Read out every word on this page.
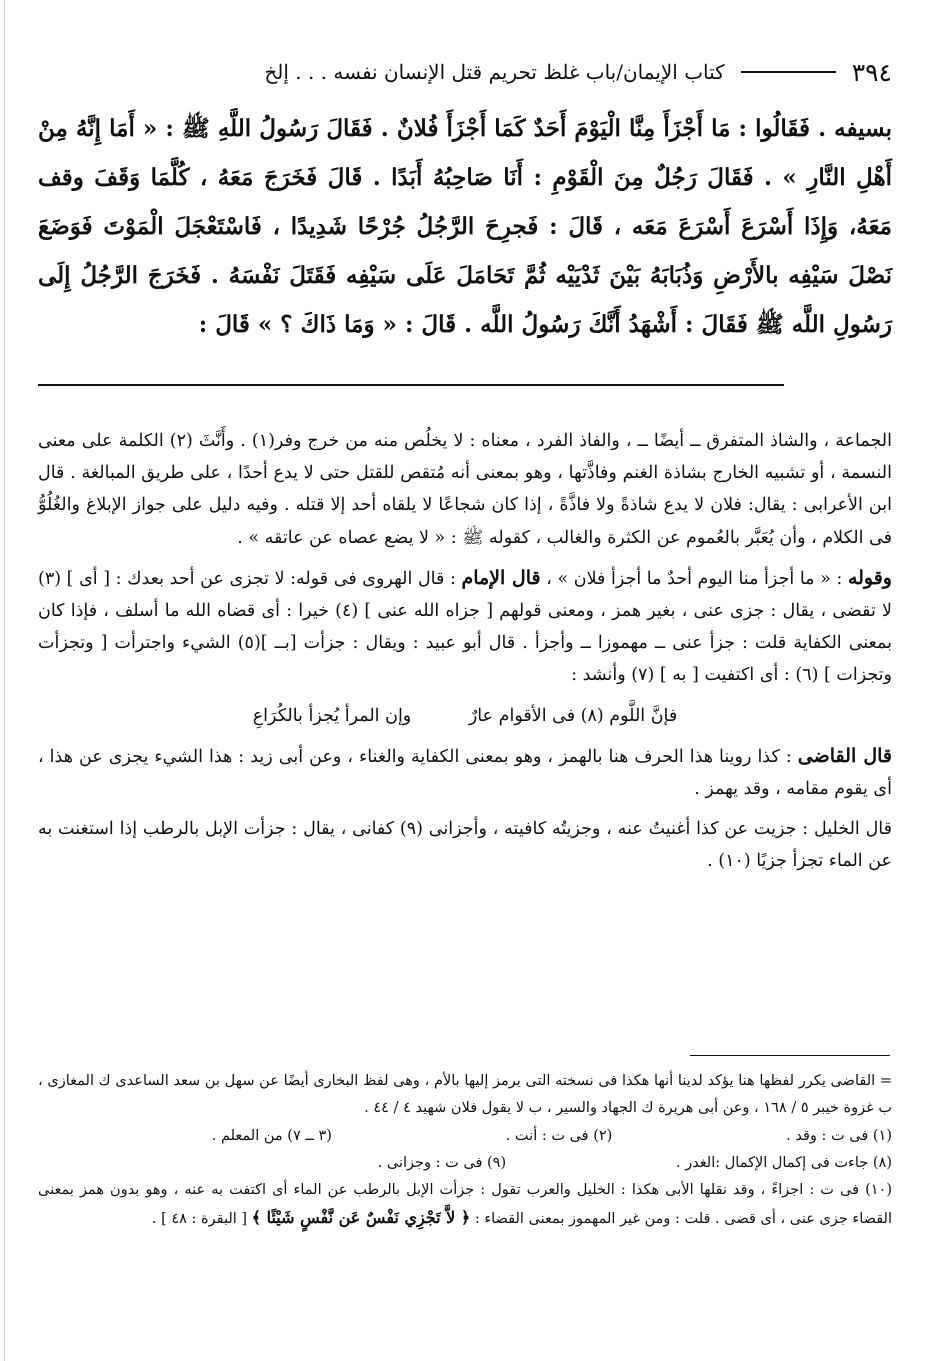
٣٩٤
كتاب الإيمان/باب غلظ تحريم قتل الإنسان نفسه . . . إلخ

بسيفه . فَقَالُوا : مَا أَجْزَأَ مِنَّا الْيَوْمَ أَحَدٌ كَمَا أَجْزَأَ فُلانٌ . فَقَالَ رَسُولُ اللَّهِ ﷺ : « أَمَا إِنَّهُ مِنْ أَهْلِ النَّارِ » . فَقَالَ رَجُلٌ مِنَ الْقَوْمِ : أَنَا صَاحِبُهُ أَبَدًا . قَالَ فَخَرَجَ مَعَهُ ، كُلَّمَا وَقَفَ وقف مَعَهُ، وَإِذَا أَسْرَعَ أَسْرَعَ مَعَه ، قَالَ : فَجرِحَ الرَّجُلُ جُرْحًا شَدِيدًا ، فَاسْتَعْجَلَ الْمَوْتَ فَوَضَعَ نَصْلَ سَيْفِه بالأَرْضِ وَذُبَابَهُ بَيْنَ ثَدْيَيْه ثُمَّ تَحَامَلَ عَلَى سَيْفِه فَقَتَلَ نَفْسَهُ . فَخَرَجَ الرَّجُلُ إِلَى رَسُولِ اللَّه ﷺ فَقَالَ : أَشْهَدُ أَنَّكَ رَسُولُ اللَّه . قَالَ : « وَمَا ذَاكَ ؟ » قَالَ :

الجماعة ، والشاذ المتفرق ــ أيضًا ــ ، والفاذ الفرد ، معناه : لا يخلُص منه من خرج وفر(١) . وأَنَّثَ (٢) الكلمة على معنى النسمة ، أو تشبيه الخارج بشاذة الغنم وفاذَّتها ، وهو بمعنى أنه مُتقص للقتل حتى لا يدع أحدًا ، على طريق المبالغة . قال ابن الأعرابى : يقال: فلان لا يدع شاذةً ولا فاذَّةً ، إذا كان شجاعًا لا يلقاه أحد إلا قتله . وفيه دليل على جواز الإبلاغ والغُلُوُّ فى الكلام ، وأن يُعَبَّر بالعُموم عن الكثرة والغالب ، كقوله ﷺ : « لا يضع عصاه عن عاتقه » .

وقوله : « ما أجزأ منا اليوم أحدٌ ما أجزأ فلان » ، قال الإمام : قال الهروى فى قوله: لا تجزى عن أحد بعدك : [ أى ] (٣) لا تقضى ، يقال : جزى عنى ، بغير همز ، ومعنى قولهم [ جزاه الله عنى ] (٤) خيرا : أى قضاه الله ما أسلف ، فإذا كان بمعنى الكفاية قلت : جزأ عنى ــ مهموزا ــ وأجزأ . قال أبو عبيد : ويقال : جزأت [بــ ](٥) الشيء واجترأت [ وتجزأت وتجزات ] (٦) : أى اكتفيت [ به ] (٧) وأنشد :

فإنَّ اللَّوم (٨) فى الأقوام عارٌ وإن المرأ يُجزأ بالكُرَاعِ

قال القاضى : كذا روينا هذا الحرف هنا بالهمز ، وهو بمعنى الكفاية والغناء ، وعن أبى زيد : هذا الشيء يجزى عن هذا ، أى يقوم مقامه ، وقد يهمز .

قال الخليل : جزيت عن كذا أغنيتُ عنه ، وجزيتُه كافيته ، وأجزانى (٩) كفانى ، يقال : جزأت الإبل بالرطب إذا استغنت به عن الماء تجزأ جزيًا (١٠) .

= القاضى يكرر لفظها هنا يؤكد لدينا أنها هكذا فى نسخته التى يرمز إليها بالأم ، وهى لفظ البخارى أيضًا عن سهل بن سعد الساعدى ك المغازى ، ب غزوة خيبر ٥ / ١٦٨ ، وعن أبى هريرة ك الجهاد والسير ، ب لا يقول فلان شهيد ٤ / ٤٤ .

(١) فى ت : وقد .
(٢) فى ت : أنت .
(٣ ــ ٧) من المعلم .
(٨) جاءت فى إكمال الإكمال :الغدر .
(٩) فى ت : وجزانى .

(١٠) فى ت : اجزاءً ، وقد نقلها الأبى هكذا : الخليل والعرب تقول : جزأت الإبل بالرطب عن الماء أى اكتفت به عنه ، وهو بدون همز بمعنى القضاء جزى عنى ، أى قضى . قلت : ومن غير المهموز بمعنى القضاء : ﴿ لاَّ تَجْزِي نَفْسٌ عَن نَّفْسٍ شَيْئًا ﴾ [ البقرة : ٤٨ ] .
